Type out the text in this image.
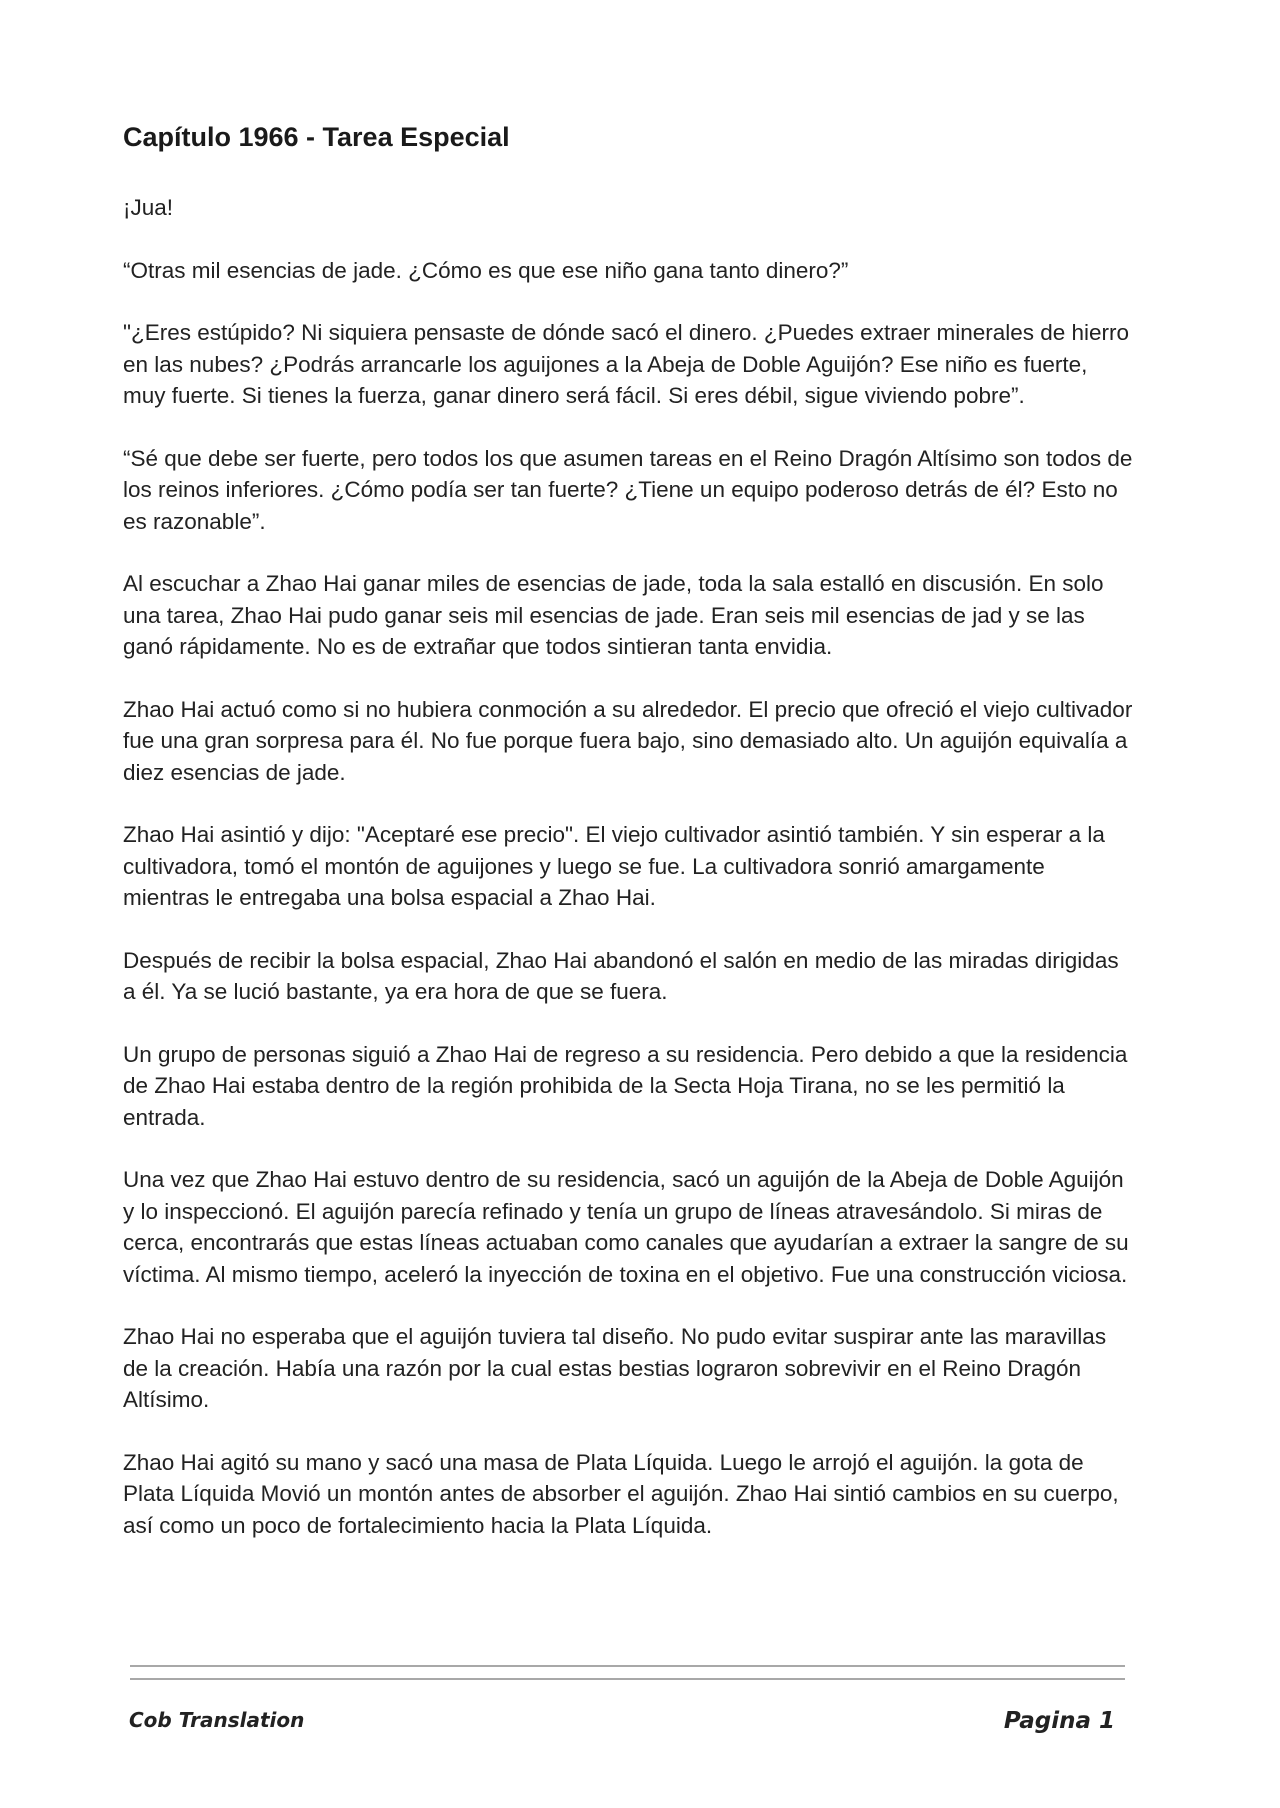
Capítulo 1966 - Tarea Especial

¡Jua!

“Otras mil esencias de jade. ¿Cómo es que ese niño gana tanto dinero?”

"¿Eres estúpido? Ni siquiera pensaste de dónde sacó el dinero. ¿Puedes extraer minerales de hierro en las nubes? ¿Podrás arrancarle los aguijones a la Abeja de Doble Aguijón? Ese niño es fuerte, muy fuerte. Si tienes la fuerza, ganar dinero será fácil. Si eres débil, sigue viviendo pobre”.

“Sé que debe ser fuerte, pero todos los que asumen tareas en el Reino Dragón Altísimo son todos de los reinos inferiores. ¿Cómo podía ser tan fuerte? ¿Tiene un equipo poderoso detrás de él? Esto no es razonable”.

Al escuchar a Zhao Hai ganar miles de esencias de jade, toda la sala estalló en discusión. En solo una tarea, Zhao Hai pudo ganar seis mil esencias de jade. Eran seis mil esencias de jad y se las ganó rápidamente. No es de extrañar que todos sintieran tanta envidia.

Zhao Hai actuó como si no hubiera conmoción a su alrededor. El precio que ofreció el viejo cultivador fue una gran sorpresa para él. No fue porque fuera bajo, sino demasiado alto. Un aguijón equivalía a diez esencias de jade.

Zhao Hai asintió y dijo: "Aceptaré ese precio". El viejo cultivador asintió también. Y sin esperar a la cultivadora, tomó el montón de aguijones y luego se fue. La cultivadora sonrió amargamente mientras le entregaba una bolsa espacial a Zhao Hai.

Después de recibir la bolsa espacial, Zhao Hai abandonó el salón en medio de las miradas dirigidas a él. Ya se lució bastante, ya era hora de que se fuera.

Un grupo de personas siguió a Zhao Hai de regreso a su residencia. Pero debido a que la residencia de Zhao Hai estaba dentro de la región prohibida de la Secta Hoja Tirana, no se les permitió la entrada.

Una vez que Zhao Hai estuvo dentro de su residencia, sacó un aguijón de la Abeja de Doble Aguijón y lo inspeccionó. El aguijón parecía refinado y tenía un grupo de líneas atravesándolo. Si miras de cerca, encontrarás que estas líneas actuaban como canales que ayudarían a extraer la sangre de su víctima. Al mismo tiempo, aceleró la inyección de toxina en el objetivo. Fue una construcción viciosa.

Zhao Hai no esperaba que el aguijón tuviera tal diseño. No pudo evitar suspirar ante las maravillas de la creación. Había una razón por la cual estas bestias lograron sobrevivir en el Reino Dragón Altísimo.

Zhao Hai agitó su mano y sacó una masa de Plata Líquida. Luego le arrojó el aguijón. la gota de Plata Líquida Movió un montón antes de absorber el aguijón. Zhao Hai sintió cambios en su cuerpo, así como un poco de fortalecimiento hacia la Plata Líquida.

Cob Translation	Pagina 1
